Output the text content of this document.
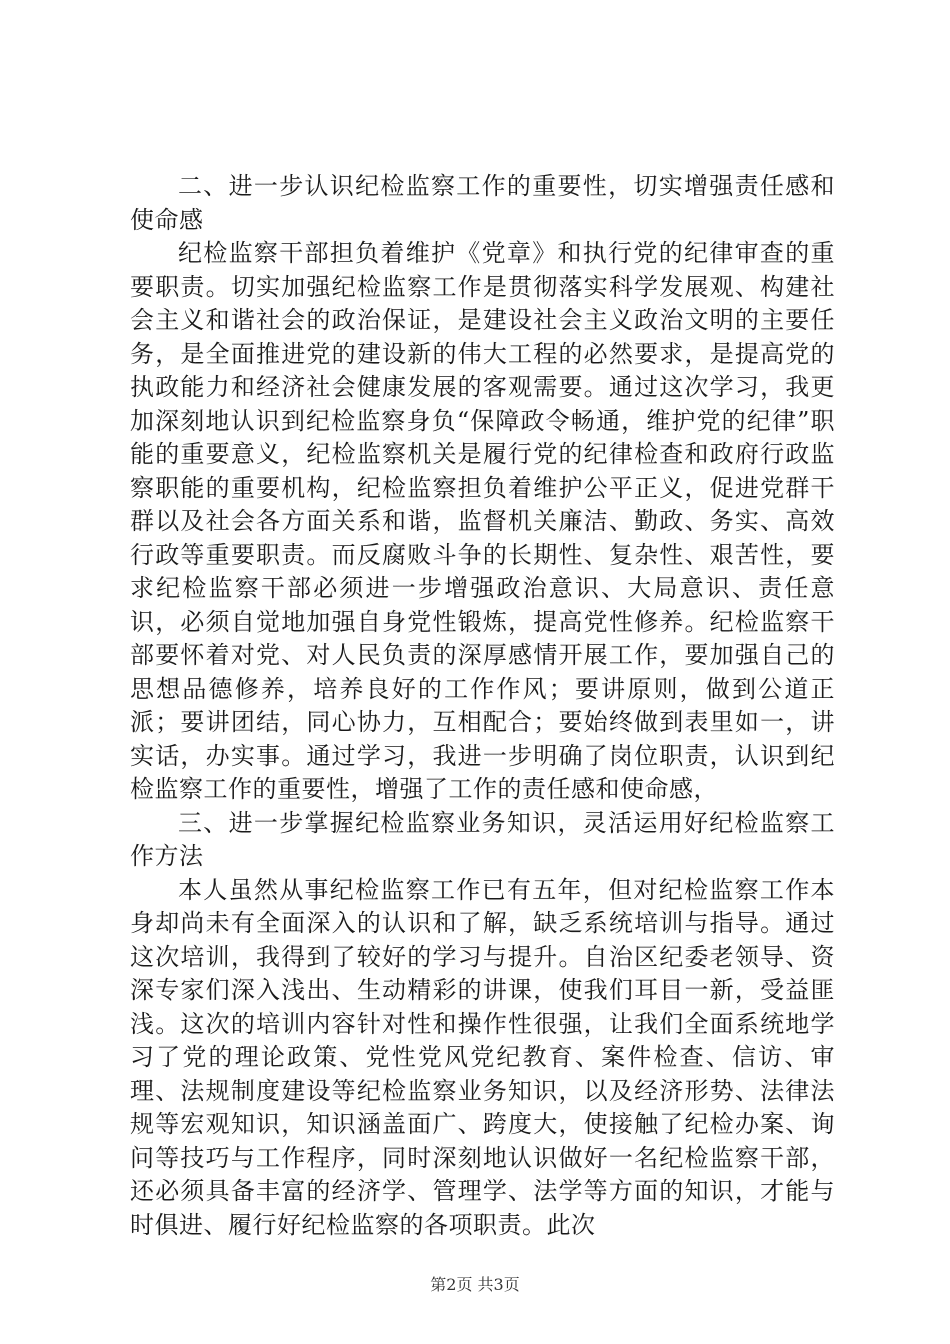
二、进一步认识纪检监察工作的重要性，切实增强责任感和使命感

纪检监察干部担负着维护《党章》和执行党的纪律审查的重要职责。切实加强纪检监察工作是贯彻落实科学发展观、构建社会主义和谐社会的政治保证，是建设社会主义政治文明的主要任务，是全面推进党的建设新的伟大工程的必然要求，是提高党的执政能力和经济社会健康发展的客观需要。通过这次学习，我更加深刻地认识到纪检监察身负“保障政令畅通，维护党的纪律”职能的重要意义，纪检监察机关是履行党的纪律检查和政府行政监察职能的重要机构，纪检监察担负着维护公平正义，促进党群干群以及社会各方面关系和谐，监督机关廉洁、勤政、务实、高效行政等重要职责。而反腐败斗争的长期性、复杂性、艰苦性，要求纪检监察干部必须进一步增强政治意识、大局意识、责任意识，必须自觉地加强自身党性锻炼，提高党性修养。纪检监察干部要怀着对党、对人民负责的深厚感情开展工作，要加强自己的思想品德修养，培养良好的工作作风；要讲原则，做到公道正派；要讲团结，同心协力，互相配合；要始终做到表里如一，讲实话，办实事。通过学习，我进一步明确了岗位职责，认识到纪检监察工作的重要性，增强了工作的责任感和使命感，

三、进一步掌握纪检监察业务知识，灵活运用好纪检监察工作方法

本人虽然从事纪检监察工作已有五年，但对纪检监察工作本身却尚未有全面深入的认识和了解，缺乏系统培训与指导。通过这次培训，我得到了较好的学习与提升。自治区纪委老领导、资深专家们深入浅出、生动精彩的讲课，使我们耳目一新，受益匪浅。这次的培训内容针对性和操作性很强，让我们全面系统地学习了党的理论政策、党性党风党纪教育、案件检查、信访、审理、法规制度建设等纪检监察业务知识，以及经济形势、法律法规等宏观知识，知识涵盖面广、跨度大，使接触了纪检办案、询问等技巧与工作程序，同时深刻地认识做好一名纪检监察干部，还必须具备丰富的经济学、管理学、法学等方面的知识，才能与时俱进、履行好纪检监察的各项职责。此次

第2页 共3页
